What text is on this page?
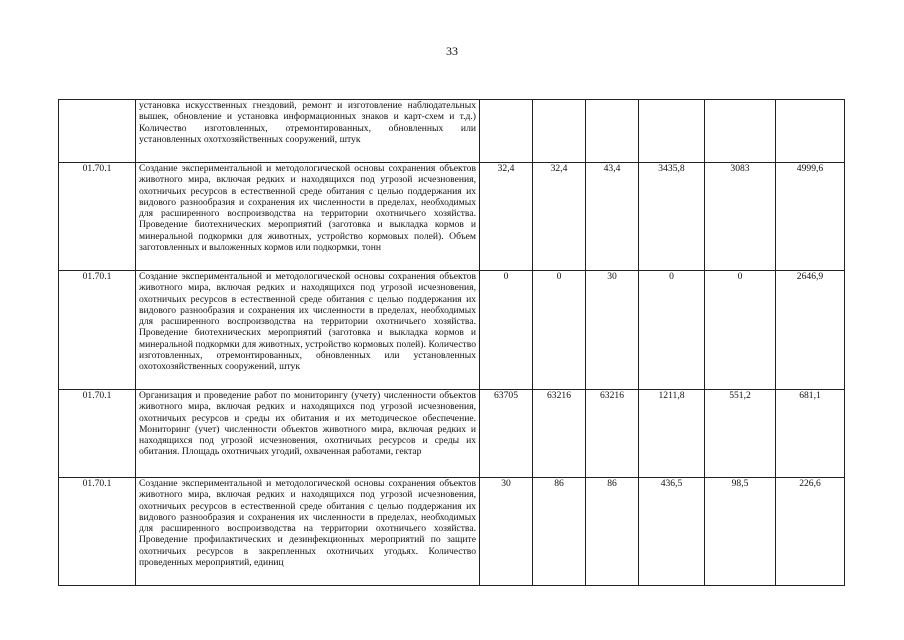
33
	установка искусственных гнездовий, ремонт и изготовление наблюдательных вышек, обновление и установка информационных знаков и карт-схем и т.д.) Количество изготовленных, отремонтированных, обновленных или установленных охотхозяйственных сооружений, штук						
01.70.1	Создание экспериментальной и методологической основы сохранения объектов животного мира, включая редких и находящихся под угрозой исчезновения, охотничьих ресурсов в естественной среде обитания с целью поддержания их видового разнообразия и сохранения их численности в пределах, необходимых для расширенного воспроизводства на территории охотничьего хозяйства. Проведение биотехнических мероприятий (заготовка и выкладка кормов и минеральной подкормки для животных, устройство кормовых полей). Объем заготовленных и выложенных кормов или подкормки, тонн	32,4	32,4	43,4	3435,8	3083	4999,6
01.70.1	Создание экспериментальной и методологической основы сохранения объектов животного мира, включая редких и находящихся под угрозой исчезновения, охотничьих ресурсов в естественной среде обитания с целью поддержания их видового разнообразия и сохранения их численности в пределах, необходимых для расширенного воспроизводства на территории охотничьего хозяйства. Проведение биотехнических мероприятий (заготовка и выкладка кормов и минеральной подкормки для животных, устройство кормовых полей). Количество изготовленных, отремонтированных, обновленных или установленных охотохозяйственных сооружений, штук	0	0	30	0	0	2646,9
01.70.1	Организация и проведение работ по мониторингу (учету) численности объектов животного мира, включая редких и находящихся под угрозой исчезновения, охотничьих ресурсов и среды их обитания и их методическое обеспечение. Мониторинг (учет) численности объектов животного мира, включая редких и находящихся под угрозой исчезновения, охотничьих ресурсов и среды их обитания. Площадь охотничьих угодий, охваченная работами, гектар	63705	63216	63216	1211,8	551,2	681,1
01.70.1	Создание экспериментальной и методологической основы сохранения объектов животного мира, включая редких и находящихся под угрозой исчезновения, охотничьих ресурсов в естественной среде обитания с целью поддержания их видового разнообразия и сохранения их численности в пределах, необходимых для расширенного воспроизводства на территории охотничьего хозяйства. Проведение профилактических и дезинфекционных мероприятий по защите охотничьих ресурсов в закрепленных охотничьих угодьях. Количество проведенных мероприятий, единиц	30	86	86	436,5	98,5	226,6
